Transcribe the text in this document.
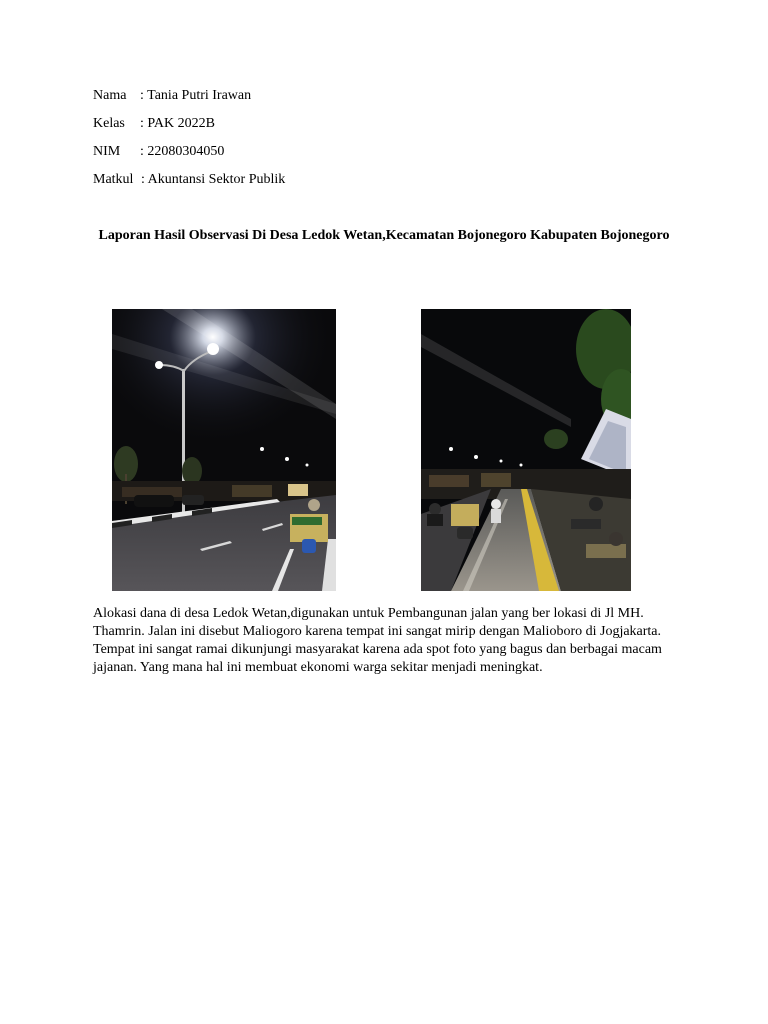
Nama : Tania Putri Irawan
Kelas : PAK 2022B
NIM : 22080304050
Matkul : Akuntansi Sektor Publik
Laporan Hasil Observasi Di Desa Ledok Wetan,Kecamatan Bojonegoro Kabupaten Bojonegoro
Alokasi dana di desa Ledok Wetan,digunakan untuk Pembangunan jalan yang ber lokasi di Jl MH. Thamrin. Jalan ini disebut Maliogoro karena tempat ini sangat mirip dengan Malioboro di Jogjakarta. Tempat ini sangat ramai dikunjungi masyarakat karena ada spot foto yang bagus dan berbagai macam jajanan. Yang mana hal ini membuat ekonomi warga sekitar menjadi meningkat.
